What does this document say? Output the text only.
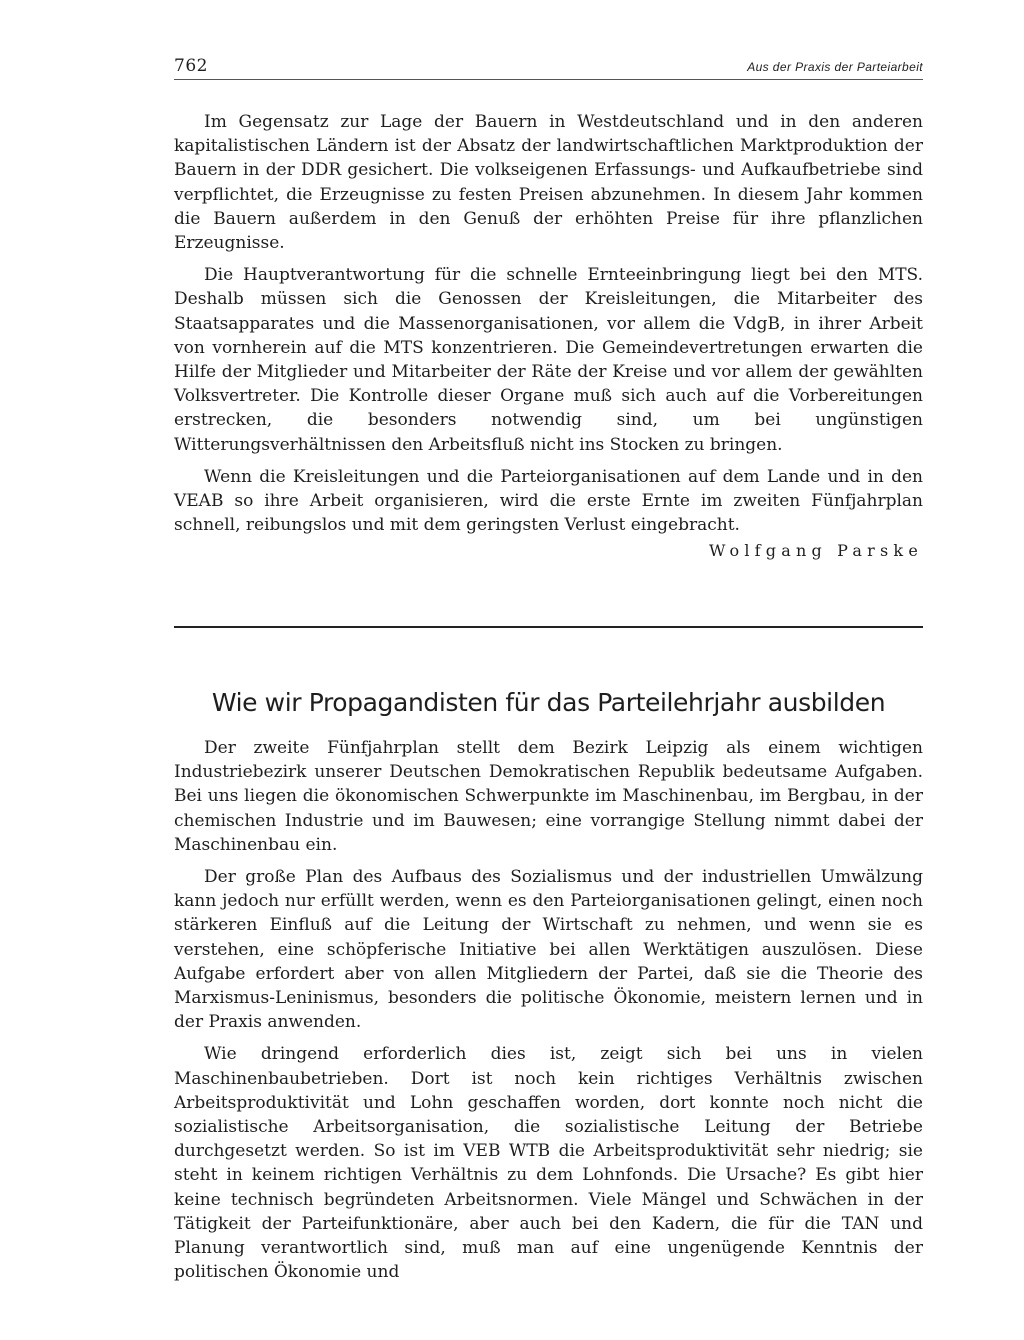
762	Aus der Praxis der Parteiarbeit

Im Gegensatz zur Lage der Bauern in Westdeutschland und in den anderen kapitalistischen Ländern ist der Absatz der landwirtschaftlichen Marktproduktion der Bauern in der DDR gesichert. Die volkseigenen Erfassungs- und Aufkaufbetriebe sind verpflichtet, die Erzeugnisse zu festen Preisen abzunehmen. In diesem Jahr kommen die Bauern außerdem in den Genuß der erhöhten Preise für ihre pflanzlichen Erzeugnisse.

Die Hauptverantwortung für die schnelle Ernteeinbringung liegt bei den MTS. Deshalb müssen sich die Genossen der Kreisleitungen, die Mitarbeiter des Staatsapparates und die Massenorganisationen, vor allem die VdgB, in ihrer Arbeit von vornherein auf die MTS konzentrieren. Die Gemeindevertretungen erwarten die Hilfe der Mitglieder und Mitarbeiter der Räte der Kreise und vor allem der gewählten Volksvertreter. Die Kontrolle dieser Organe muß sich auch auf die Vorbereitungen erstrecken, die besonders notwendig sind, um bei ungünstigen Witterungsverhältnissen den Arbeitsfluß nicht ins Stocken zu bringen.

Wenn die Kreisleitungen und die Parteiorganisationen auf dem Lande und in den VEAB so ihre Arbeit organisieren, wird die erste Ernte im zweiten Fünfjahrplan schnell, reibungslos und mit dem geringsten Verlust eingebracht.

Wolfgang Parske
Wie wir Propagandisten für das Parteilehrjahr ausbilden

Der zweite Fünfjahrplan stellt dem Bezirk Leipzig als einem wichtigen Industriebezirk unserer Deutschen Demokratischen Republik bedeutsame Aufgaben. Bei uns liegen die ökonomischen Schwerpunkte im Maschinenbau, im Bergbau, in der chemischen Industrie und im Bauwesen; eine vorrangige Stellung nimmt dabei der Maschinenbau ein.

Der große Plan des Aufbaus des Sozialismus und der industriellen Umwälzung kann jedoch nur erfüllt werden, wenn es den Parteiorganisationen gelingt, einen noch stärkeren Einfluß auf die Leitung der Wirtschaft zu nehmen, und wenn sie es verstehen, eine schöpferische Initiative bei allen Werktätigen auszulösen. Diese Aufgabe erfordert aber von allen Mitgliedern der Partei, daß sie die Theorie des Marxismus-Leninismus, besonders die politische Ökonomie, meistern lernen und in der Praxis anwenden.

Wie dringend erforderlich dies ist, zeigt sich bei uns in vielen Maschinenbaubetrieben. Dort ist noch kein richtiges Verhältnis zwischen Arbeitsproduktivität und Lohn geschaffen worden, dort konnte noch nicht die sozialistische Arbeitsorganisation, die sozialistische Leitung der Betriebe durchgesetzt werden. So ist im VEB WTB die Arbeitsproduktivität sehr niedrig; sie steht in keinem richtigen Verhältnis zu dem Lohnfonds. Die Ursache? Es gibt hier keine technisch begründeten Arbeitsnormen. Viele Mängel und Schwächen in der Tätigkeit der Parteifunktionäre, aber auch bei den Kadern, die für die TAN und Planung verantwortlich sind, muß man auf eine ungenügende Kenntnis der politischen Ökonomie und
